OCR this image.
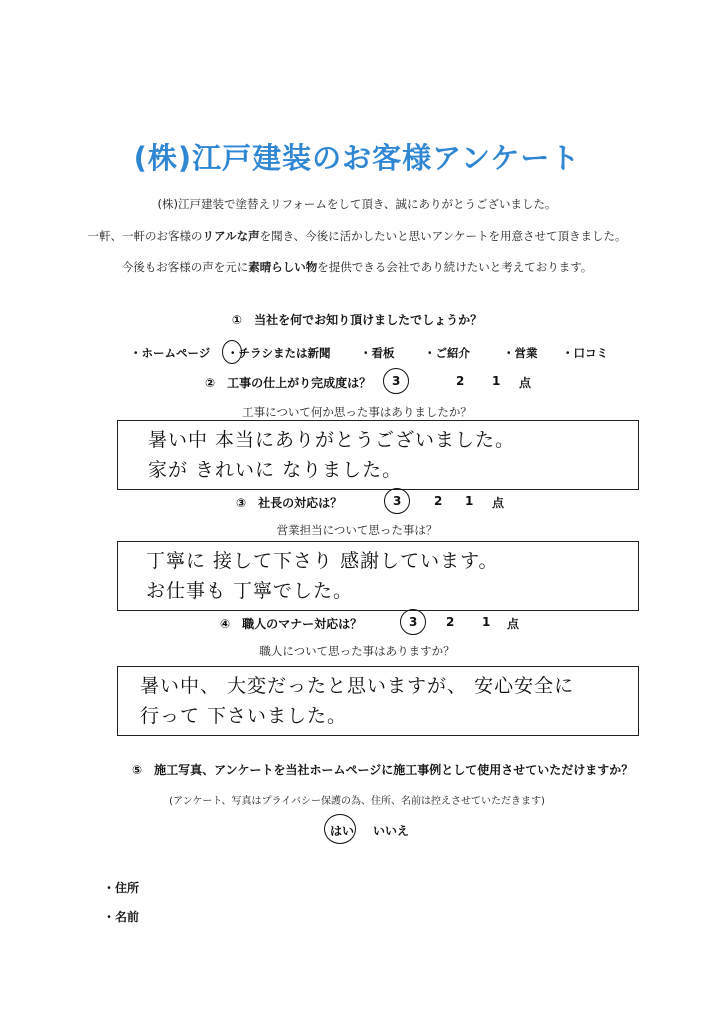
(株)江戸建装のお客様アンケート
(株)江戸建装で塗替えリフォームをして頂き、誠にありがとうございました。
一軒、一軒のお客様のリアルな声を聞き、今後に活かしたいと思いアンケートを用意させて頂きました。
今後もお客様の声を元に素晴らしい物を提供できる会社であり続けたいと考えております。
①　当社を何でお知り頂けましたでしょうか？
・ホームページ ・チラシまたは新聞	・看板	・ご紹介	・営業 ・口コミ
②　工事の仕上がり完成度は？ 3	2 1 点
工事について何か思った事はありましたか？
暑い中 本当にありがとうございました。
家が きれいに なりました。
③　社長の対応は？	3	2 1 点
営業担当について思った事は？
丁寧に 接して下さり 感謝しています。
お仕事も 丁寧でした。
④　職人のマナー対応は？	3 2 1 点
職人について思った事はありますか？
暑い中、 大変だったと思いますが、 安心安全に
行って 下さいました。
⑤　施工写真、アンケートを当社ホームページに施工事例として使用させていただけますか？
(アンケート、写真はプライバシー保護の為、住所、名前は控えさせていただきます)
はい いいえ
・住所
・名前
